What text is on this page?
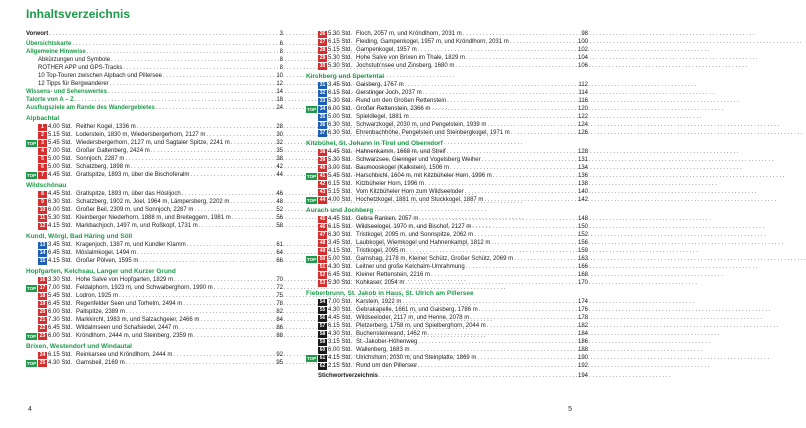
Inhaltsverzeichnis
Vorwort . . .	3
Übersichtskarte . . .	6
Allgemeine Hinweise . . .	8
Abkürzungen und Symbole . . .	8
ROTHER APP und GPS-Tracks . . .	8
10 Top-Touren zwischen Alpbach und Pillersee . . .	10
12 Tipps für Bergwanderer . . .	12
Wissens- und Sehenswertes . . .	14
Talorte von A – Z . . .	18
Ausflugsziele am Rande des Wandergebietes . . .	24
Alpbachtal
1 4.00 Std. Reither Kogel, 1336 m . . .	28
2 5.15 Std. Loderstein, 1830 m, Wiedersbergerhorn, 2127 m . . .	30
TOP	3 5.45 Std. Wiedersbergerhorn, 2127 m, und Sagtaler Spitze, 2241 m . . .	32
4 7.00 Std. Großer Galtenberg, 2424 m . . .	35
5 5.00 Std. Sonnjoch, 2287 m . . .	38
6 5.00 Std. Schatzberg, 1898 m . . .	42
TOP	7 4.45 Std. Gratlspitze, 1893 m, über die Bischoferalm . . .	44
Wildschönau
8 4.45 Std. Gratlspitze, 1893 m, über das Höslijoch . . .	46
9 6.30 Std. Schatzberg, 1902 m, Joel, 1964 m, Lämpersberg, 2202 m . . .	48
10 6.00 Std. Großer Beil, 2309 m, und Sonnjoch, 2287 m . . .	52
11 5.30 Std. Kleinberger Niederhorn, 1888 m, und Breiteggern, 1981 m . . .	56
12 4.15 Std. Markbachjoch, 1497 m, und Roßkopf, 1731 m . . .	58
Kundl, Wörgl, Bad Häring und Söll
13 3.45 Std. Kragenjoch, 1387 m, und Kundler Klamm . . .	61
14 6.45 Std. Möslalmkogel, 1494 m . . .	64
15 4.15 Std. Großer Pölven, 1595 m . . .	66
Hopfgarten, Kelchsau, Langer und Kurzer Grund
16 3.30 Std. Hohe Salve von Hopfgarten, 1829 m . . .	70
TOP 17 7.00 Std. Feldalphorn, 1923 m, und Schwaiberghorn, 1990 m . . .	72
18 5.45 Std. Lodron, 1925 m . . .	75
19 6.45 Std. Regenfelder Seen und Torhelm, 2494 m . . .	78
20 6.00 Std. Pallspitze, 2389 m . . .	82
21 7.30 Std. Markkirchl, 1983 m, und Salzachgeier, 2466 m . . .	84
22 6.45 Std. Wildalmseen und Schafsiedel, 2447 m . . .	86
TOP 23 6.00 Std. Kröndlhorn, 2444 m, und Steinberg, 2359 m . . .	88
Brixen, Westendorf und Windautal
24 6.15 Std. Reinkarsee und Kröndlhorn, 2444 m . . .	92
TOP 25 4.30 Std. Gamsbeil, 2169 m . . .	95
4
26 5.30 Std. Floch, 2057 m, und Kröndlhorn, 2031 m . . .	98
27 6.15 Std. Fleiding, Gampenkogel, 1957 m, und Kröndlhorn, 2031 m . . .	100
28 5.15 Std. Gampenkogel, 1957 m . . .	102
29 5.30 Std. Hohe Salve von Brixen im Thale, 1829 m . . .	104
30 5.30 Std. Jochstub’nsee und Zinsberg, 1680 m . . .	106
Kirchberg und Spertental
31 3.45 Std. Gaisberg, 1767 m . . .	112
32 6.15 Std. Gerstinger Joch, 2037 m . . .	114
33 5.30 Std. Rund um den Großen Rettenstein . . .	116
TOP 34 6.00 Std. Großer Rettenstein, 2366 m . . .	120
35 5.00 Std. Spieldlegel, 1881 m . . .	122
36 6.30 Std. Schwarzkogel, 2030 m, und Pengelstein, 1939 m . . .	124
37 6.30 Std. Ehrenbachhöhe, Pengelstein und Steinbergkogel, 1971 m . . .	126
Kitzbühel, St. Johann in Tirol und Oberndorf
38 4.45 Std. Hahnenkamm, 1668 m, und Streif . . .	128
39 5.30 Std. Schwarzsee, Gieringer und Vogelsberg Weiher . . .	131
40 3.00 Std. Baumooskogel (Kalkstein), 1506 m . . .	134
TOP 41 5.45 Std. Harschbichl, 1604 m, mit Kitzbüheler Horn, 1996 m . . .	136
42 6.15 Std. Kitzbüheler Horn, 1996 m . . .	138
43 5.15 Std. Vom Kitzbüheler Horn zum Wildseeloder . . .	140
TOP 44 4.00 Std. Hochetzkogel, 1881 m, und Stuckkogel, 1887 m . . .	142
Aurach und Jochberg
45 4.45 Std. Gebra Ranken, 2057 m . . .	148
46 6.15 Std. Wildseelogel, 1970 m, und Bischof, 2127 m . . .	150
47 6.30 Std. Tristkogel, 2095 m, und Sonnspitze, 2062 m . . .	152
48 3.45 Std. Laubkogel, Wiemkogel und Hahnenkampl, 1812 m . . .	156
49 4.15 Std. Tristkogel, 2095 m . . .	159
TOP 50 5.00 Std. Gamshag, 2178 m, Kleiner Schütz, Großer Schütz, 2069 m . . .	163
51 4.30 Std. Leitner und große Kelchalm-Umrahmung . . .	166
52 6.45 Std. Kleiner Rettenstein, 2216 m . . .	168
53 5.30 Std. Kuhkaser, 2054 m . . .	170
Fieberbrunn, St. Jakob in Haus, St. Ulrich am Pillersee
54 7.00 Std. Karstein, 1922 m . . .	174
55 4.30 Std. Gebrakapelle, 1661 m, und Gaisberg, 1786 m . . .	176
56 4.45 Std. Wildseeloder, 2117 m, und Henne, 2078 m . . .	178
57 6.15 Std. Pletzerberg, 1758 m, und Spielberghorn, 2044 m . . .	182
58 4.30 Std. Buchensteinwand, 1462 m . . .	184
59 3.15 Std. St.-Jakober-Höhenweg . . .	186
60 6.00 Std. Wallenberg, 1683 m . . .	188
TOP 61 4.15 Std. Ulrichshorn, 2030 m, und Steinplatte, 1869 m . . .	190
62 2.15 Std. Rund um den Pillersee . . .	192
Stichwortverzeichnis . . .	194
5
